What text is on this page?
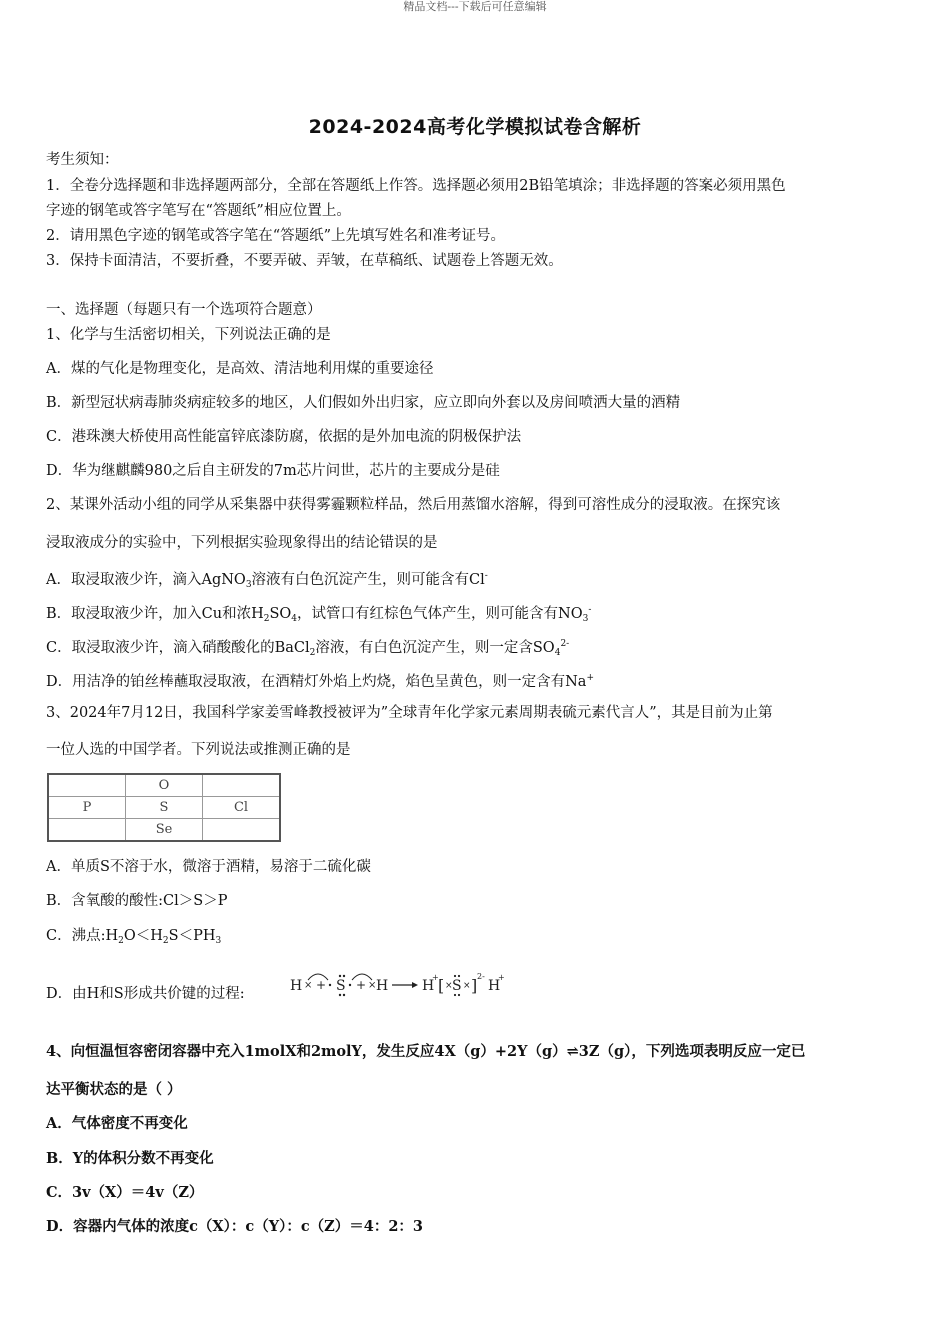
精品文档---下载后可任意编辑
2024-2024高考化学模拟试卷含解析
考生须知：
1．全卷分选择题和非选择题两部分，全部在答题纸上作答。选择题必须用2B铅笔填涂；非选择题的答案必须用黑色
字迹的钢笔或答字笔写在“答题纸”相应位置上。
2．请用黑色字迹的钢笔或答字笔在“答题纸”上先填写姓名和准考证号。
3．保持卡面清洁，不要折叠，不要弄破、弄皱，在草稿纸、试题卷上答题无效。
一、选择题（每题只有一个选项符合题意）
1、化学与生活密切相关，下列说法正确的是
A．煤的气化是物理变化，是高效、清洁地利用煤的重要途径
B．新型冠状病毒肺炎病症较多的地区，人们假如外出归家，应立即向外套以及房间喷洒大量的酒精
C．港珠澳大桥使用高性能富锌底漆防腐，依据的是外加电流的阴极保护法
D．华为继麒麟980之后自主研发的7m芯片问世，芯片的主要成分是硅
2、某课外活动小组的同学从采集器中获得雾霾颗粒样品，然后用蒸馏水溶解，得到可溶性成分的浸取液。在探究该
浸取液成分的实验中，下列根据实验现象得出的结论错误的是
A．取浸取液少许，滴入AgNO$_3$溶液有白色沉淀产生，则可能含有Cl-
B．取浸取液少许，加入Cu和浓$H_2SO_4$，试管口有红棕色气体产生，则可能含有$NO_3^-$
C．取浸取液少许，滴入硝酸酸化的BaCl$_2$溶液，有白色沉淀产生，则一定含$SO_4^{2-}$
D．用洁净的铂丝棒蘸取浸取液，在酒精灯外焰上灼烧，焰色呈黄色，则一定含有Na+
3、2024年7月12日，我国科学家姜雪峰教授被评为”全球青年化学家元素周期表硫元素代言人”，其是目前为止第
一位人选的中国学者。下列说法或推测正确的是
	O	
P	S	Cl
	Se	
A．单质S不溶于水，微溶于酒精，易溶于二硫化碳
B．含氧酸的酸性:Cl＞S＞P
C．沸点$:H_2O<H_2S<PH_3$
D．由H和S形成共价键的过程:	H × + S + × H H
+ [ × S × ] 2-
H
+
4、向恒温恒容密闭容器中充入1molX和2molY，发生反应4X（g）+2Y（g）⇌3Z（g），下列选项表明反应一定已
达平衡状态的是（ ）
A．气体密度不再变化
B．Y的体积分数不再变化
C．3v（X）＝4v（Z）
D．容器内气体的浓度c（X）：c（Y）：c（Z）＝4：2：3
